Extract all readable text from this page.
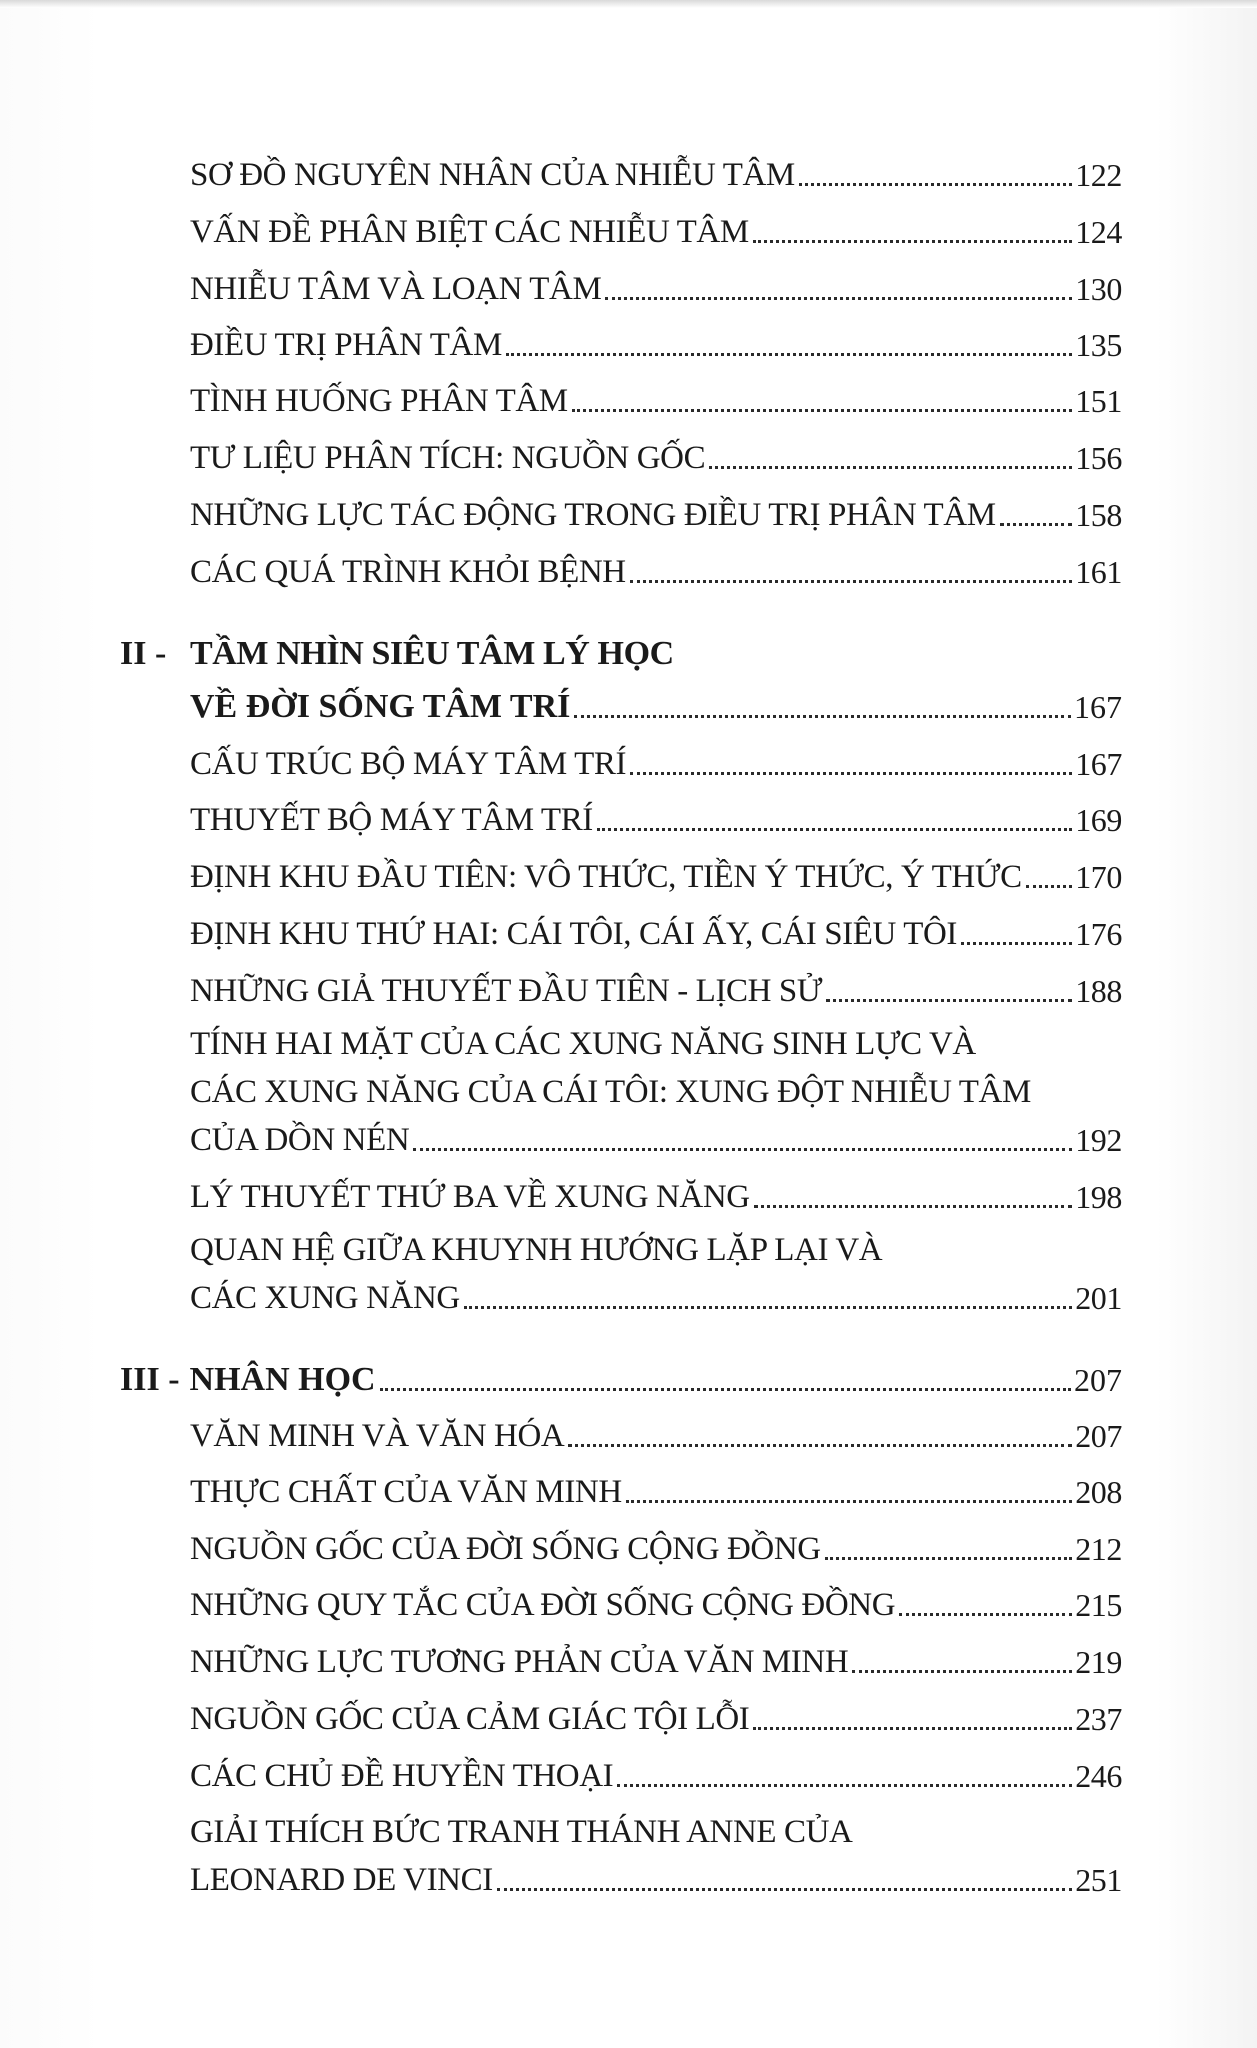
SƠ ĐỒ NGUYÊN NHÂN CỦA NHIỄU TÂM	122
VẤN ĐỀ PHÂN BIỆT CÁC NHIỄU TÂM	124
NHIỄU TÂM VÀ LOẠN TÂM	130
ĐIỀU TRỊ PHÂN TÂM	135
TÌNH HUỐNG PHÂN TÂM	151
TƯ LIỆU PHÂN TÍCH: NGUỒN GỐC	156
NHỮNG LỰC TÁC ĐỘNG TRONG ĐIỀU TRỊ PHÂN TÂM 158
CÁC QUÁ TRÌNH KHỎI BỆNH	161
II - TẦM NHÌN SIÊU TÂM LÝ HỌC
VỀ ĐỜI SỐNG TÂM TRÍ	167
CẤU TRÚC BỘ MÁY TÂM TRÍ	167
THUYẾT BỘ MÁY TÂM TRÍ	169
ĐỊNH KHU ĐẦU TIÊN: VÔ THỨC, TIỀN Ý THỨC, Ý THỨC 170
ĐỊNH KHU THỨ HAI: CÁI TÔI, CÁI ẤY, CÁI SIÊU TÔI	176
NHỮNG GIẢ THUYẾT ĐẦU TIÊN - LỊCH SỬ	188
TÍNH HAI MẶT CỦA CÁC XUNG NĂNG SINH LỰC VÀ
CÁC XUNG NĂNG CỦA CÁI TÔI: XUNG ĐỘT NHIỄU TÂM
CỦA DỒN NÉN	192
LÝ THUYẾT THỨ BA VỀ XUNG NĂNG	198
QUAN HỆ GIỮA KHUYNH HƯỚNG LẶP LẠI VÀ
CÁC XUNG NĂNG	201
III - NHÂN HỌC	207
VĂN MINH VÀ VĂN HÓA	207
THỰC CHẤT CỦA VĂN MINH	208
NGUỒN GỐC CỦA ĐỜI SỐNG CỘNG ĐỒNG	212
NHỮNG QUY TẮC CỦA ĐỜI SỐNG CỘNG ĐỒNG	215
NHỮNG LỰC TƯƠNG PHẢN CỦA VĂN MINH	219
NGUỒN GỐC CỦA CẢM GIÁC TỘI LỖI	237
CÁC CHỦ ĐỀ HUYỀN THOẠI	246
GIẢI THÍCH BỨC TRANH THÁNH ANNE CỦA
LEONARD DE VINCI	251
